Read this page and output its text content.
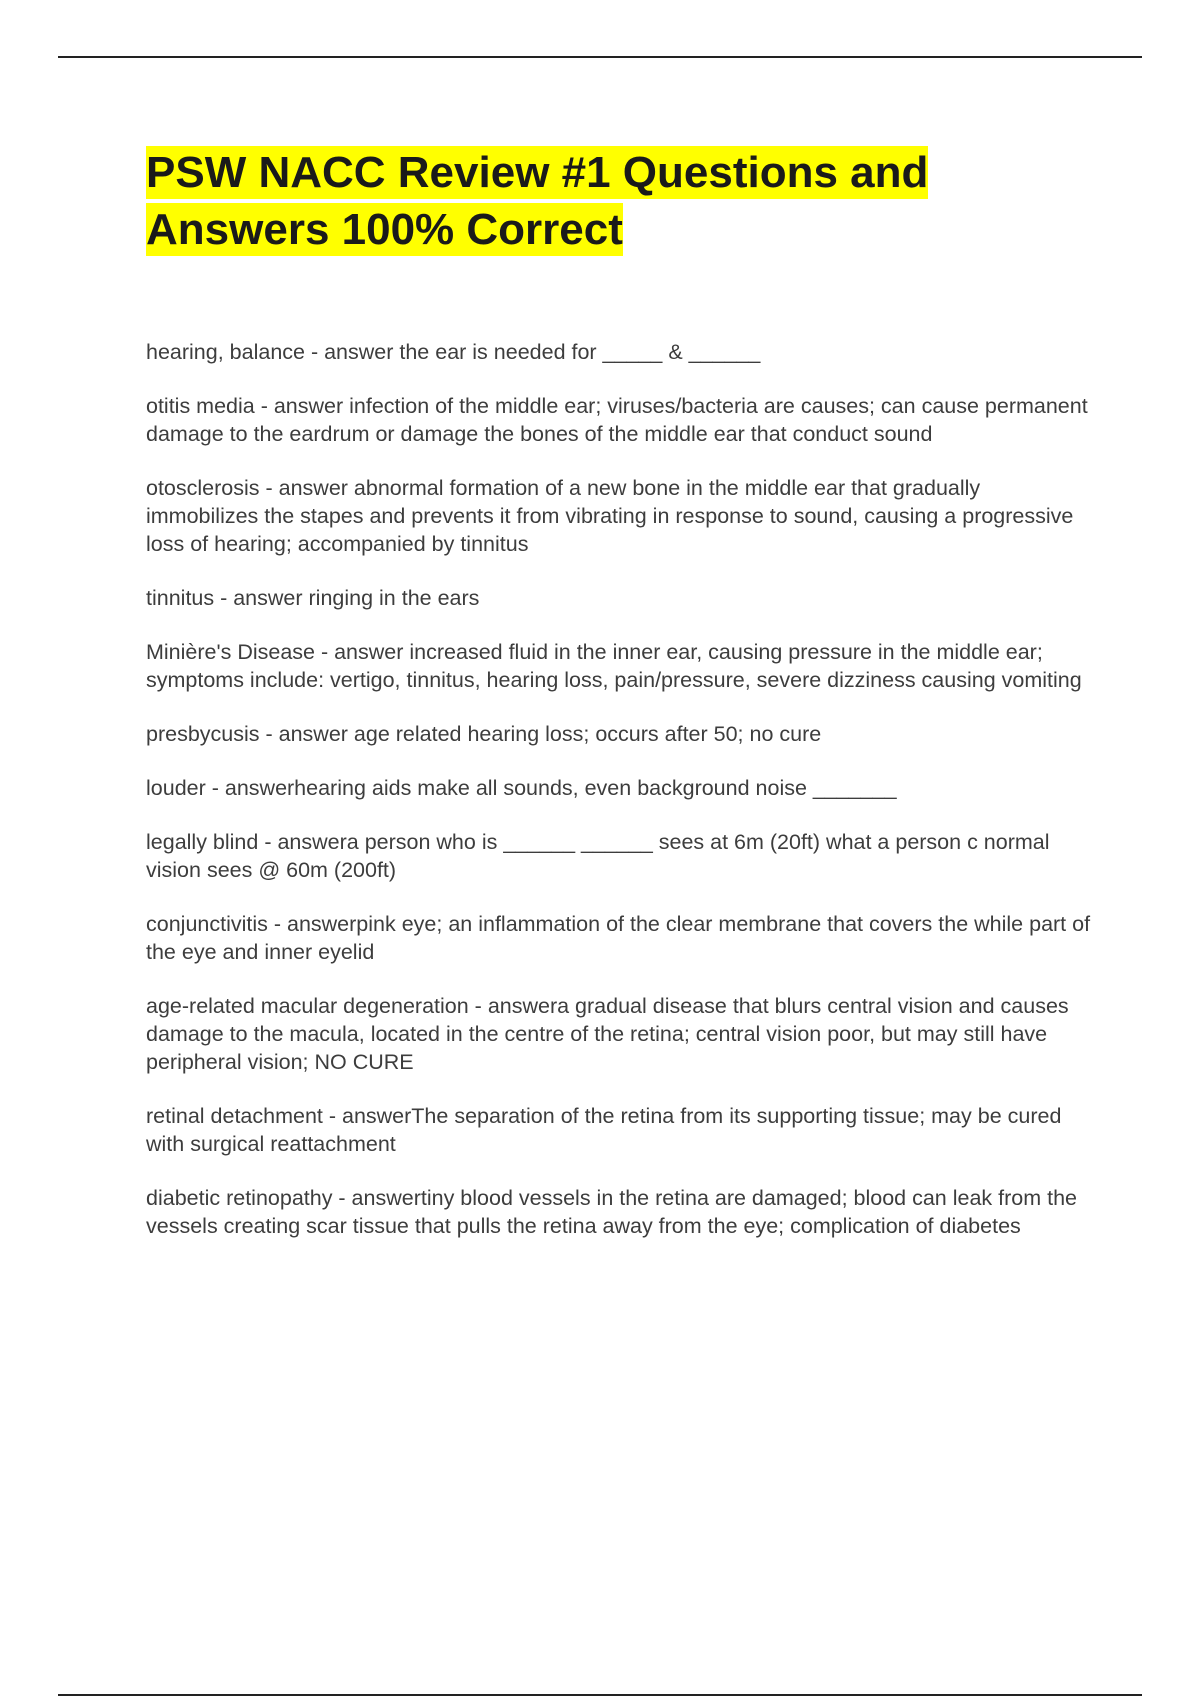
PSW NACC Review #1 Questions and Answers 100% Correct

hearing, balance - answer the ear is needed for _____ & ______

otitis media - answer infection of the middle ear; viruses/bacteria are causes; can cause permanent damage to the eardrum or damage the bones of the middle ear that conduct sound

otosclerosis - answer abnormal formation of a new bone in the middle ear that gradually immobilizes the stapes and prevents it from vibrating in response to sound, causing a progressive loss of hearing; accompanied by tinnitus

tinnitus - answer ringing in the ears

Minière's Disease - answer increased fluid in the inner ear, causing pressure in the middle ear; symptoms include: vertigo, tinnitus, hearing loss, pain/pressure, severe dizziness causing vomiting

presbycusis - answer age related hearing loss; occurs after 50; no cure

louder - answerhearing aids make all sounds, even background noise _______

legally blind - answera person who is ______ ______ sees at 6m (20ft) what a person c normal vision sees @ 60m (200ft)

conjunctivitis - answerpink eye; an inflammation of the clear membrane that covers the while part of the eye and inner eyelid

age-related macular degeneration - answera gradual disease that blurs central vision and causes damage to the macula, located in the centre of the retina; central vision poor, but may still have peripheral vision; NO CURE

retinal detachment - answerThe separation of the retina from its supporting tissue; may be cured with surgical reattachment

diabetic retinopathy - answertiny blood vessels in the retina are damaged; blood can leak from the vessels creating scar tissue that pulls the retina away from the eye; complication of diabetes
